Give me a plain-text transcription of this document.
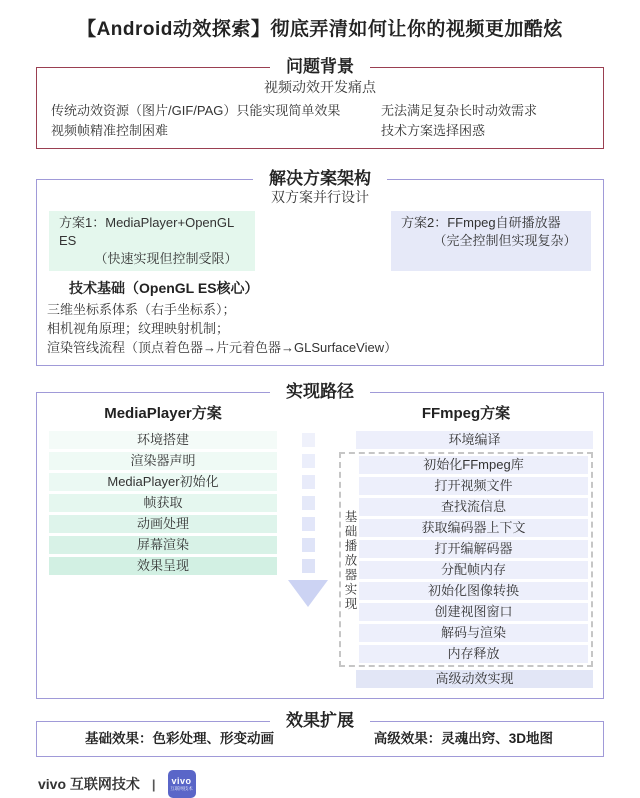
【Android动效探索】彻底弄清如何让你的视频更加酷炫
问题背景
视频动效开发痛点
传统动效资源（图片/GIF/PAG）只能实现简单效果
视频帧精准控制困难
无法满足复杂长时动效需求
技术方案选择困惑
解决方案架构
双方案并行设计
方案1：MediaPlayer+OpenGL ES
（快速实现但控制受限）
方案2：FFmpeg自研播放器
（完全控制但实现复杂）
技术基础（OpenGL ES核心）
三维坐标系体系（右手坐标系）；
相机视角原理；纹理映射机制；
渲染管线流程（顶点着色器→片元着色器→GLSurfaceView）
实现路径
MediaPlayer方案
环境搭建
渲染器声明
MediaPlayer初始化
帧获取
动画处理
屏幕渲染
效果呈现
FFmpeg方案
环境编译
基础播放器实现
初始化FFmpeg库
打开视频文件
查找流信息
获取编码器上下文
打开编解码器
分配帧内存
初始化图像转换
创建视图窗口
解码与渲染
内存释放
高级动效实现
效果扩展
基础效果：色彩处理、形变动画	高级效果：灵魂出窍、3D地图
vivo 互联网技术 | vivo
互联网技术
